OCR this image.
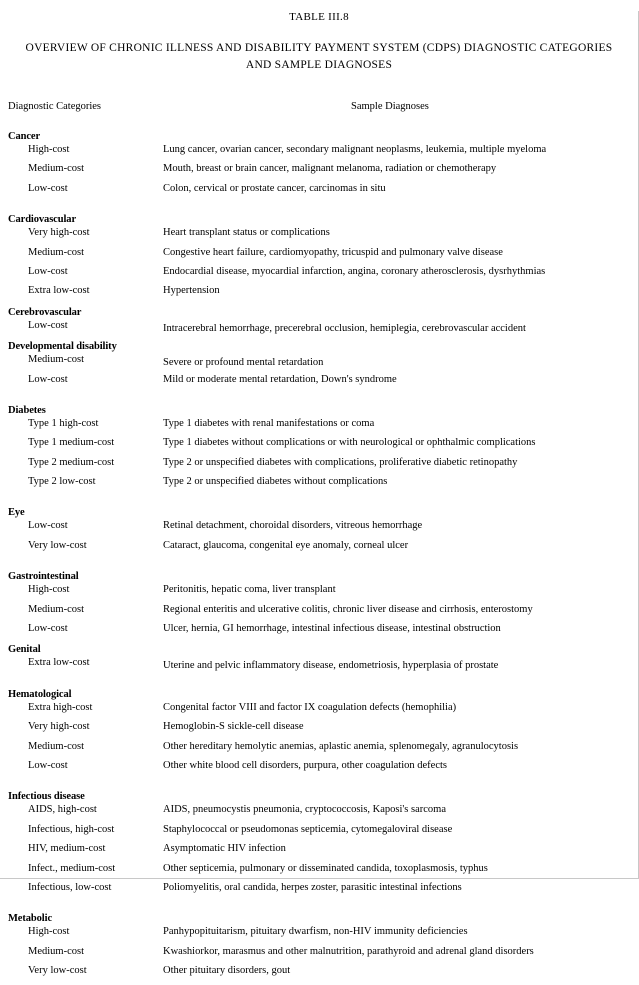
TABLE III.8
OVERVIEW OF CHRONIC ILLNESS AND DISABILITY PAYMENT SYSTEM (CDPS) DIAGNOSTIC CATEGORIES AND SAMPLE DIAGNOSES
Diagnostic Categories	Sample Diagnoses
Cancer
High-cost	Lung cancer, ovarian cancer, secondary malignant neoplasms, leukemia, multiple myeloma
Medium-cost	Mouth, breast or brain cancer, malignant melanoma, radiation or chemotherapy
Low-cost	Colon, cervical or prostate cancer, carcinomas in situ
Cardiovascular
Very high-cost	Heart transplant status or complications
Medium-cost	Congestive heart failure, cardiomyopathy, tricuspid and pulmonary valve disease
Low-cost	Endocardial disease, myocardial infarction, angina, coronary atherosclerosis, dysrhythmias
Extra low-cost	Hypertension
Cerebrovascular
Low-cost	Intracerebral hemorrhage, precerebral occlusion, hemiplegia, cerebrovascular accident
Developmental disability
Medium-cost	Severe or profound mental retardation
Low-cost	Mild or moderate mental retardation, Down's syndrome
Diabetes
Type 1 high-cost	Type 1 diabetes with renal manifestations or coma
Type 1 medium-cost	Type 1 diabetes without complications or with neurological or ophthalmic complications
Type 2 medium-cost	Type 2 or unspecified diabetes with complications, proliferative diabetic retinopathy
Type 2 low-cost	Type 2 or unspecified diabetes without complications
Eye
Low-cost	Retinal detachment, choroidal disorders, vitreous hemorrhage
Very low-cost	Cataract, glaucoma, congenital eye anomaly, corneal ulcer
Gastrointestinal
High-cost	Peritonitis, hepatic coma, liver transplant
Medium-cost	Regional enteritis and ulcerative colitis, chronic liver disease and cirrhosis, enterostomy
Low-cost	Ulcer, hernia, GI hemorrhage, intestinal infectious disease, intestinal obstruction
Genital
Extra low-cost	Uterine and pelvic inflammatory disease, endometriosis, hyperplasia of prostate
Hematological
Extra high-cost	Congenital factor VIII and factor IX coagulation defects (hemophilia)
Very high-cost	Hemoglobin-S sickle-cell disease
Medium-cost	Other hereditary hemolytic anemias, aplastic anemia, splenomegaly, agranulocytosis
Low-cost	Other white blood cell disorders, purpura, other coagulation defects
Infectious disease
AIDS, high-cost	AIDS, pneumocystis pneumonia, cryptococcosis, Kaposi's sarcoma
Infectious, high-cost	Staphylococcal or pseudomonas septicemia, cytomegaloviral disease
HIV, medium-cost	Asymptomatic HIV infection
Infect., medium-cost	Other septicemia, pulmonary or disseminated candida, toxoplasmosis, typhus
Infectious, low-cost	Poliomyelitis, oral candida, herpes zoster, parasitic intestinal infections
Metabolic
High-cost	Panhypopituitarism, pituitary dwarfism, non-HIV immunity deficiencies
Medium-cost	Kwashiorkor, marasmus and other malnutrition, parathyroid and adrenal gland disorders
Very low-cost	Other pituitary disorders, gout
